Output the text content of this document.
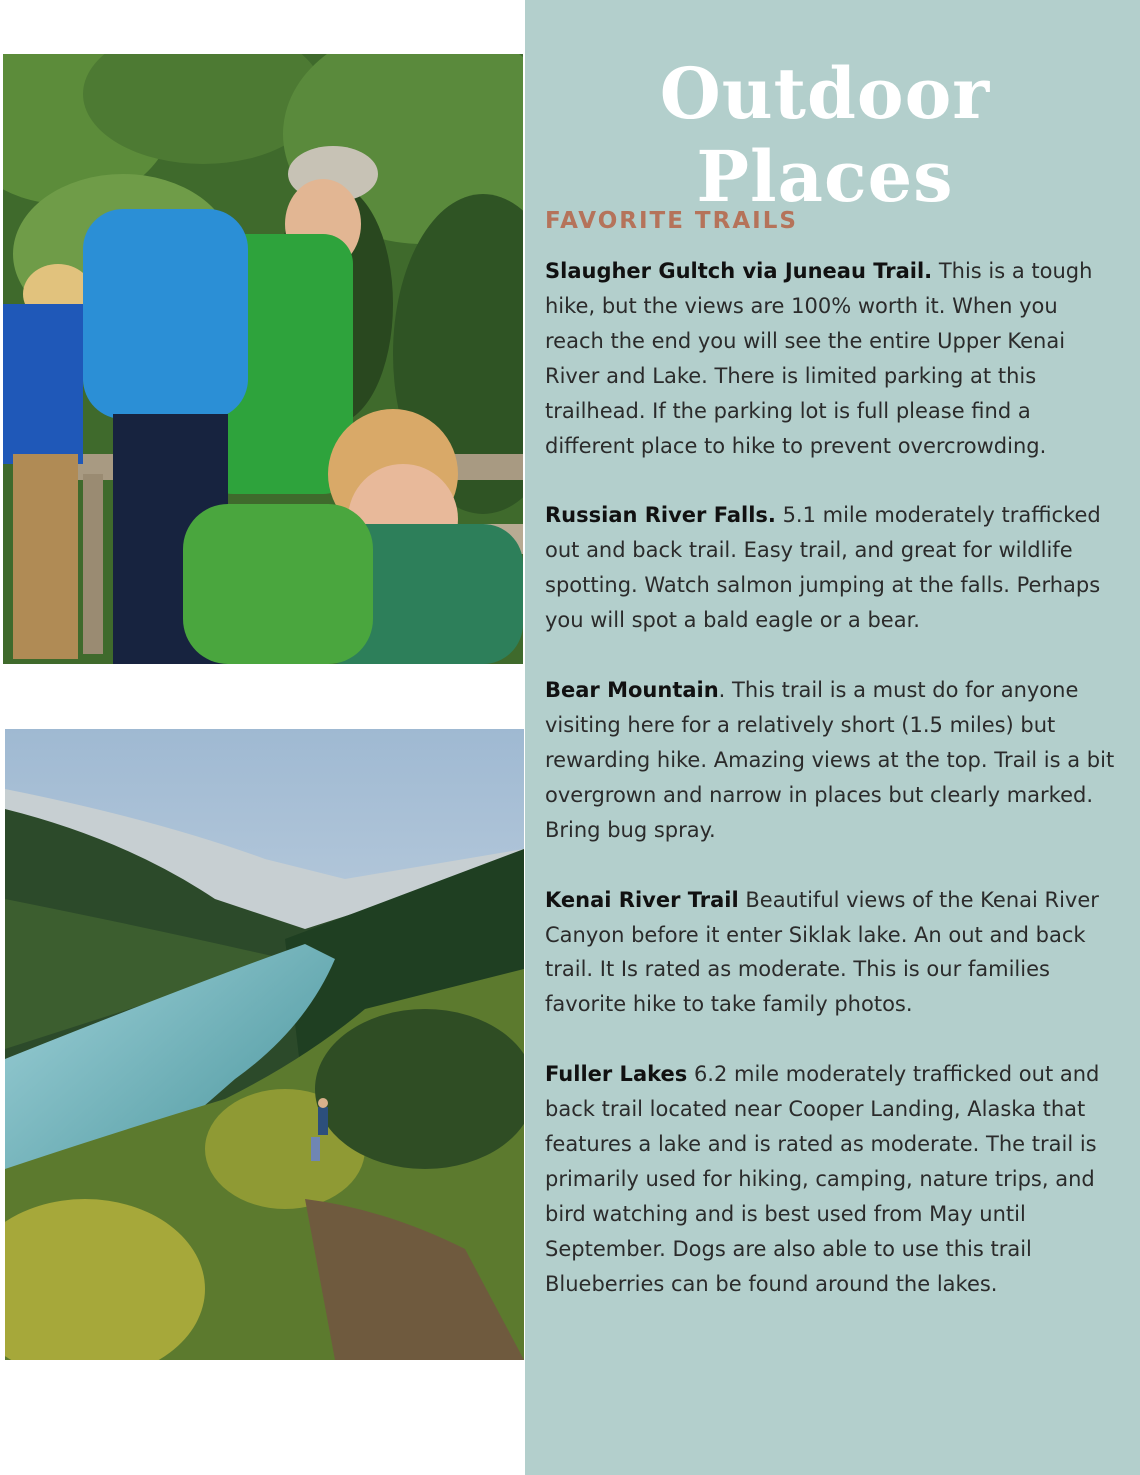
Outdoor Places
FAVORITE TRAILS

Slaugher Gultch via Juneau Trail. This is a tough hike, but the views are 100% worth it. When you reach the end you will see the entire Upper Kenai River and Lake. There is limited parking at this trailhead. If the parking lot is full please find a different place to hike to prevent overcrowding.

Russian River Falls. 5.1 mile moderately trafficked out and back trail. Easy trail, and great for wildlife spotting. Watch salmon jumping at the falls. Perhaps you will spot a bald eagle or a bear.

Bear Mountain. This trail is a must do for anyone visiting here for a relatively short (1.5 miles) but rewarding hike. Amazing views at the top. Trail is a bit overgrown and narrow in places but clearly marked. Bring bug spray.

Kenai River Trail Beautiful views of the Kenai River Canyon before it enter Siklak lake. An out and back trail. It Is rated as moderate. This is our families favorite hike to take family photos.

Fuller Lakes 6.2 mile moderately trafficked out and back trail located near Cooper Landing, Alaska that features a lake and is rated as moderate. The trail is primarily used for hiking, camping, nature trips, and bird watching and is best used from May until September. Dogs are also able to use this trail Blueberries can be found around the lakes.
